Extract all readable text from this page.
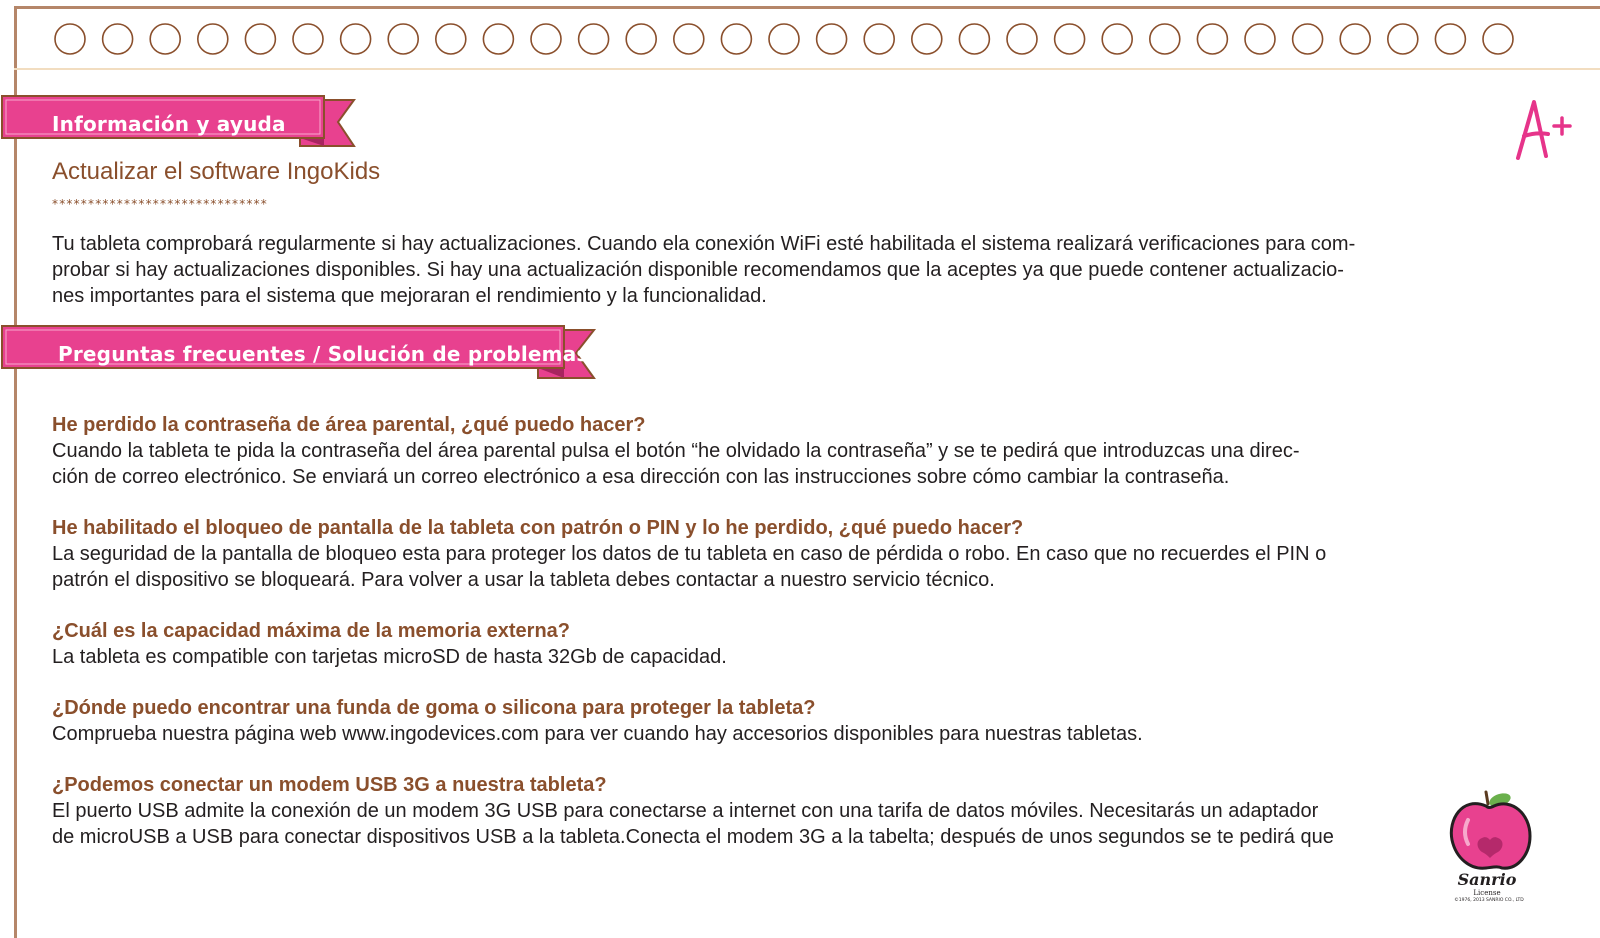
Información y ayuda
Actualizar el software IngoKids
******************************

Tu tableta comprobará regularmente si hay actualizaciones. Cuando ela conexión WiFi esté habilitada el sistema realizará verificaciones para com-
probar si hay actualizaciones disponibles. Si hay una actualización disponible recomendamos que la aceptes ya que puede contener actualizacio-
nes importantes para el sistema que mejoraran el rendimiento y la funcionalidad.

Preguntas frecuentes / Solución de problemas

He perdido la contraseña de área parental, ¿qué puedo hacer?

Cuando la tableta te pida la contraseña del área parental pulsa el botón “he olvidado la contraseña” y se te pedirá que introduzcas una direc-
ción de correo electrónico. Se enviará un correo electrónico a esa dirección con las instrucciones sobre cómo cambiar la contraseña.

He habilitado el bloqueo de pantalla de la tableta con patrón o PIN y lo he perdido, ¿qué puedo hacer?

La seguridad de la pantalla de bloqueo esta para proteger los datos de tu tableta en caso de pérdida o robo. En caso que no recuerdes el PIN o
patrón el dispositivo se bloqueará. Para volver a usar la tableta debes contactar a nuestro servicio técnico.

¿Cuál es la capacidad máxima de la memoria externa?

La tableta es compatible con tarjetas microSD de hasta 32Gb de capacidad.

¿Dónde puedo encontrar una funda de goma o silicona para proteger la tableta?

Comprueba nuestra página web www.ingodevices.com para ver cuando hay accesorios disponibles para nuestras tabletas.

¿Podemos conectar un modem USB 3G a nuestra tableta?

El puerto USB admite la conexión de un modem 3G USB para conectarse a internet con una tarifa de datos móviles. Necesitarás un adaptador
de microUSB a USB para conectar dispositivos USB a la tableta.Conecta el modem 3G a la tabelta; después de unos segundos se te pedirá que

Sanrio
License
©1976, 2013 SANRIO CO., LTD
